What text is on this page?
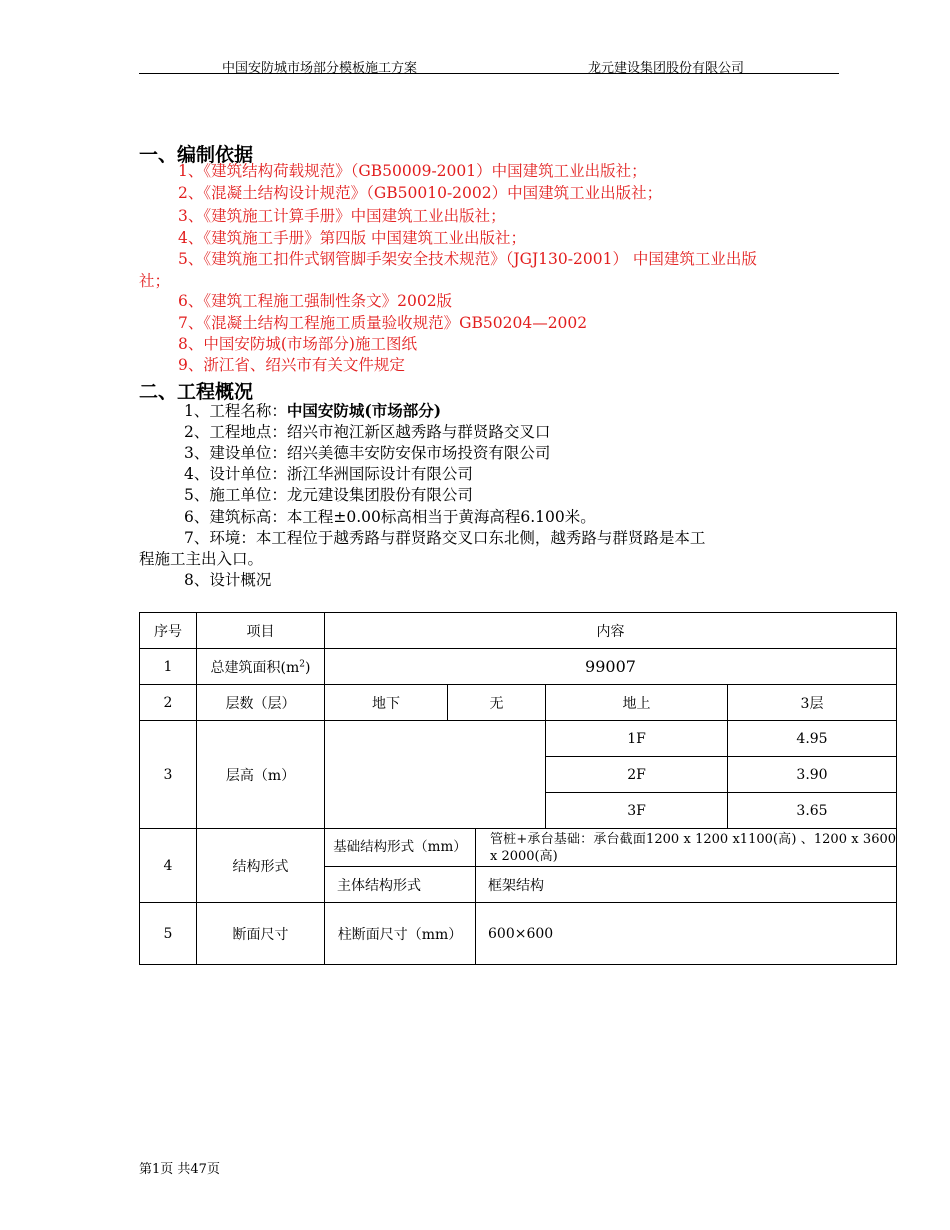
中国安防城市场部分模板施工方案	龙元建设集团股份有限公司
一、编制依据
1、《建筑结构荷载规范》（GB50009-2001）中国建筑工业出版社；
2、《混凝土结构设计规范》（GB50010-2002）中国建筑工业出版社；
3、《建筑施工计算手册》中国建筑工业出版社；
4、《建筑施工手册》第四版 中国建筑工业出版社；
5、《建筑施工扣件式钢管脚手架安全技术规范》（JGJ130-2001） 中国建筑工业出版
社；
6、《建筑工程施工强制性条文》2002版
7、《混凝土结构工程施工质量验收规范》GB50204—2002
8、中国安防城(市场部分)施工图纸
9、浙江省、绍兴市有关文件规定
二、工程概况
1、工程名称：中国安防城(市场部分)
2、工程地点：绍兴市袍江新区越秀路与群贤路交叉口
3、建设单位：绍兴美德丰安防安保市场投资有限公司
4、设计单位：浙江华洲国际设计有限公司
5、施工单位：龙元建设集团股份有限公司
6、建筑标高：本工程±0.00标高相当于黄海高程6.100米。
7、环境：本工程位于越秀路与群贤路交叉口东北侧，越秀路与群贤路是本工
程施工主出入口。
8、设计概况
序号	项目	内容				
1	总建筑面积$(m^2)$	99007				
2	层数（层）	地下	无		地上	3层
3	层高（m）				1F	4.95
					2F	3.90
					3F	3.65
4	结构形式	基础结构形式（mm）		管桩+承台基础：承台截面1200 x 1200 x1100(高) 、1200 x 3600 x 2000(高)		
		主体结构形式		框架结构		
5	断面尺寸	柱断面尺寸（mm）		600×600		
第1页 共47页
